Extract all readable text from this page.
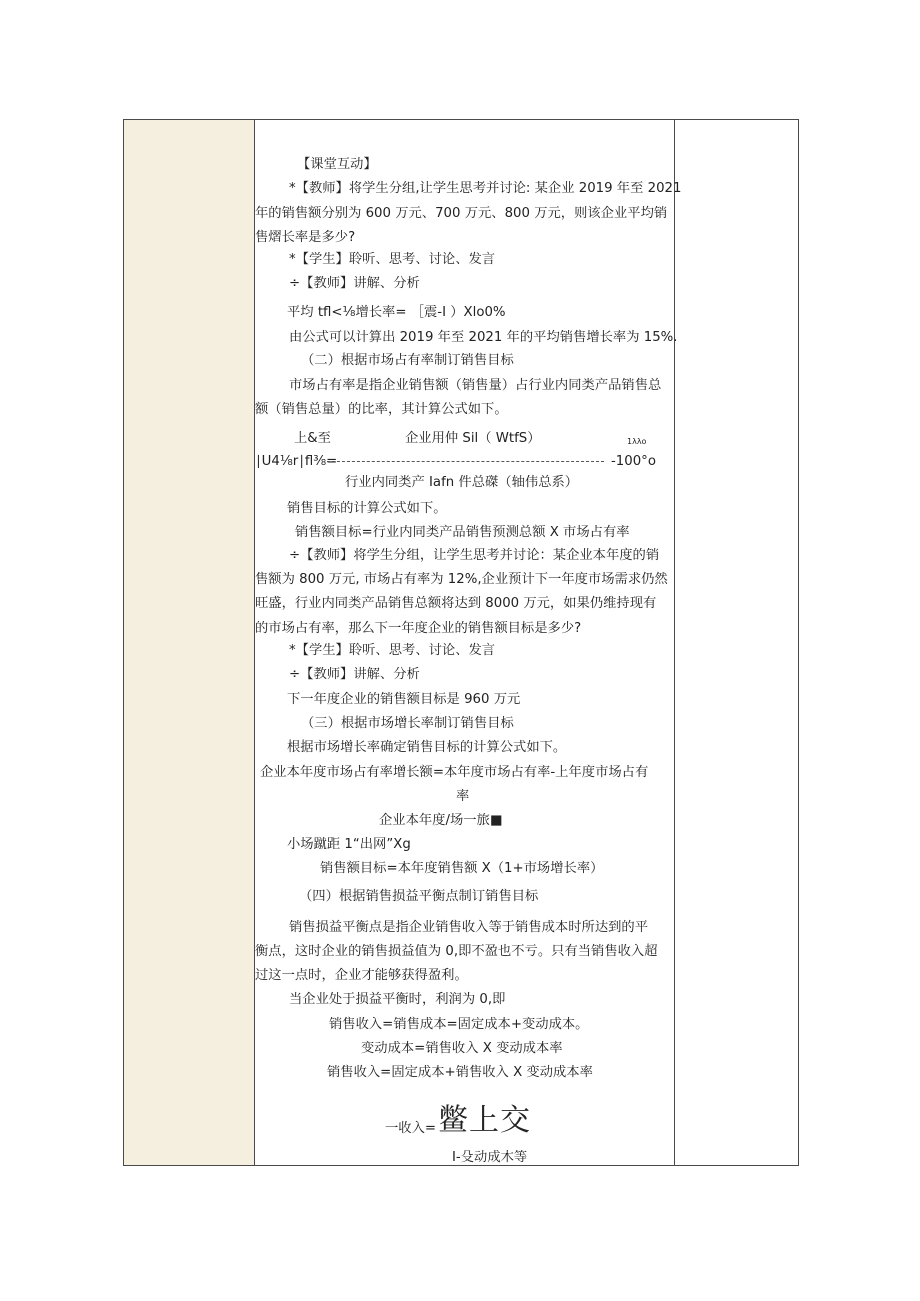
【课堂互动】
*【教师】将学生分组,让学生思考并讨论: 某企业 2019 年至 2021
年的销售额分别为 600 万元、700 万元、800 万元，则该企业平均销
售熠长率是多少?
*【学生】聆听、思考、讨论、发言
÷【教师】讲解、分析
平均 tfl<⅛增长率= ［震-I ）Xlo0%
由公式可以计算出 2019 年至 2021 年的平均销售增长率为 15%.
（二）根据市场占有率制订销售目标
市场占有率是指企业销售额（销售量）占行业内同类产品销售总
额（销售总量）的比率，其计算公式如下。
上&至	企业用仲 Sil（ WtfS）	1λλo
∣U4⅛r∣fl⅜=	-100°o
行业内同类产 Iafn 件总磔（轴伟总系）
销售目标的计算公式如下。
销售额目标=行业内同类产品销售预测总额 X 市场占有率
÷【教师】将学生分组，让学生思考并讨论：某企业本年度的销
售额为 800 万元, 市场占有率为 12%,企业预计下一年度市场需求仍然
旺盛，行业内同类产品销售总额将达到 8000 万元，如果仍维持现有
的市场占有率，那么下一年度企业的销售额目标是多少?
*【学生】聆听、思考、讨论、发言
÷【教师】讲解、分析
下一年度企业的销售额目标是 960 万元
（三）根据市场增长率制订销售目标
根据市场增长率确定销售目标的计算公式如下。
企业本年度市场占有率增长额=本年度市场占有率-上年度市场占有
率
企业本年度/场一旅■
小场蹴距 1“出网”Xg
销售额目标=本年度销售额 X（1+市场增长率）
（四）根据销售损益平衡点制订销售目标
销售损益平衡点是指企业销售收入等于销售成本时所达到的平
衡点，这时企业的销售损益值为 0,即不盈也不亏。只有当销售收入超
过这一点时，企业才能够获得盈利。
当企业处于损益平衡时，利润为 0,即
销售收入=销售成本=固定成本+变动成本。
变动成本=销售收入 X 变动成本率
销售收入=固定成本+销售收入 X 变动成本率
一收入= 鳖上交
I-殳动成木等
